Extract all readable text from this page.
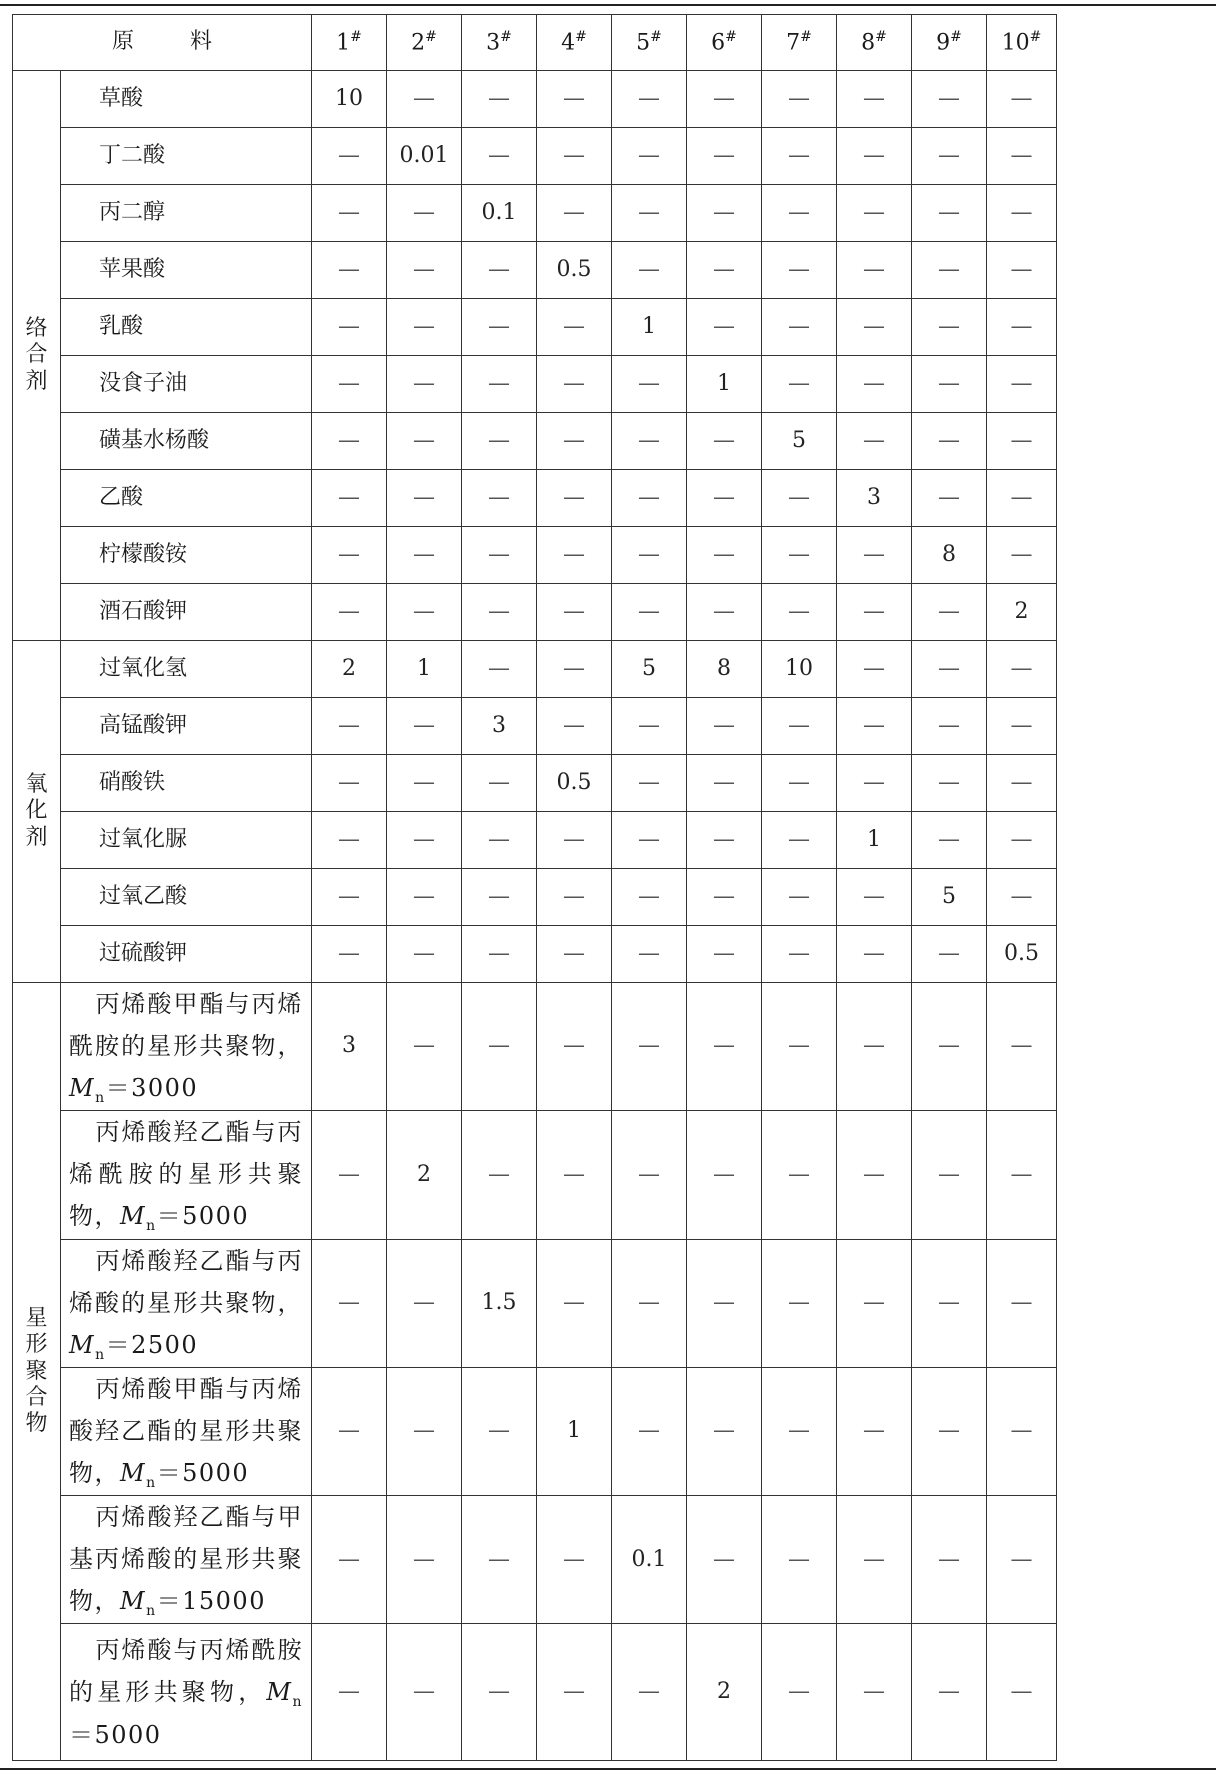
原 料		1#	2#	3#	4#	5#	6#	7#	8#	9#	10#
络合剂	草酸	10	—	—	—	—	—	—	—	—	—
	丁二酸	—	0.01	—	—	—	—	—	—	—	—
	丙二醇	—	—	0.1	—	—	—	—	—	—	—
	苹果酸	—	—	—	0.5	—	—	—	—	—	—
	乳酸	—	—	—	—	1	—	—	—	—	—
	没食子油	—	—	—	—	—	1	—	—	—	—
	磺基水杨酸	—	—	—	—	—	—	5	—	—	—
	乙酸	—	—	—	—	—	—	—	3	—	—
	柠檬酸铵	—	—	—	—	—	—	—	—	8	—
	酒石酸钾	—	—	—	—	—	—	—	—	—	2
氧化剂	过氧化氢	2	1	—	—	5	8	10	—	—	—
	高锰酸钾	—	—	3	—	—	—	—	—	—	—
	硝酸铁	—	—	—	0.5	—	—	—	—	—	—
	过氧化脲	—	—	—	—	—	—	—	1	—	—
	过氧乙酸	—	—	—	—	—	—	—	—	5	—
	过硫酸钾	—	—	—	—	—	—	—	—	—	0.5
星形聚合物	丙烯酸甲酯与丙烯酰胺的星形共聚物，$M_n=3000$	3	—	—	—	—	—	—	—	—	—
	丙烯酸羟乙酯与丙烯酰胺的星形共聚物，$M_n=5000$	—	2	—	—	—	—	—	—	—	—
	丙烯酸羟乙酯与丙烯酸的星形共聚物，$M_n=2500$	—	—	1.5	—	—	—	—	—	—	—
	丙烯酸甲酯与丙烯酸羟乙酯的星形共聚物，$M_n=5000$	—	—	—	1	—	—	—	—	—	—
	丙烯酸羟乙酯与甲基丙烯酸的星形共聚物，$M_n=15000$	—	—	—	—	0.1	—	—	—	—	—
	丙烯酸与丙烯酰胺的星形共聚物，$M_n=5000$	—	—	—	—	—	2	—	—	—	—
